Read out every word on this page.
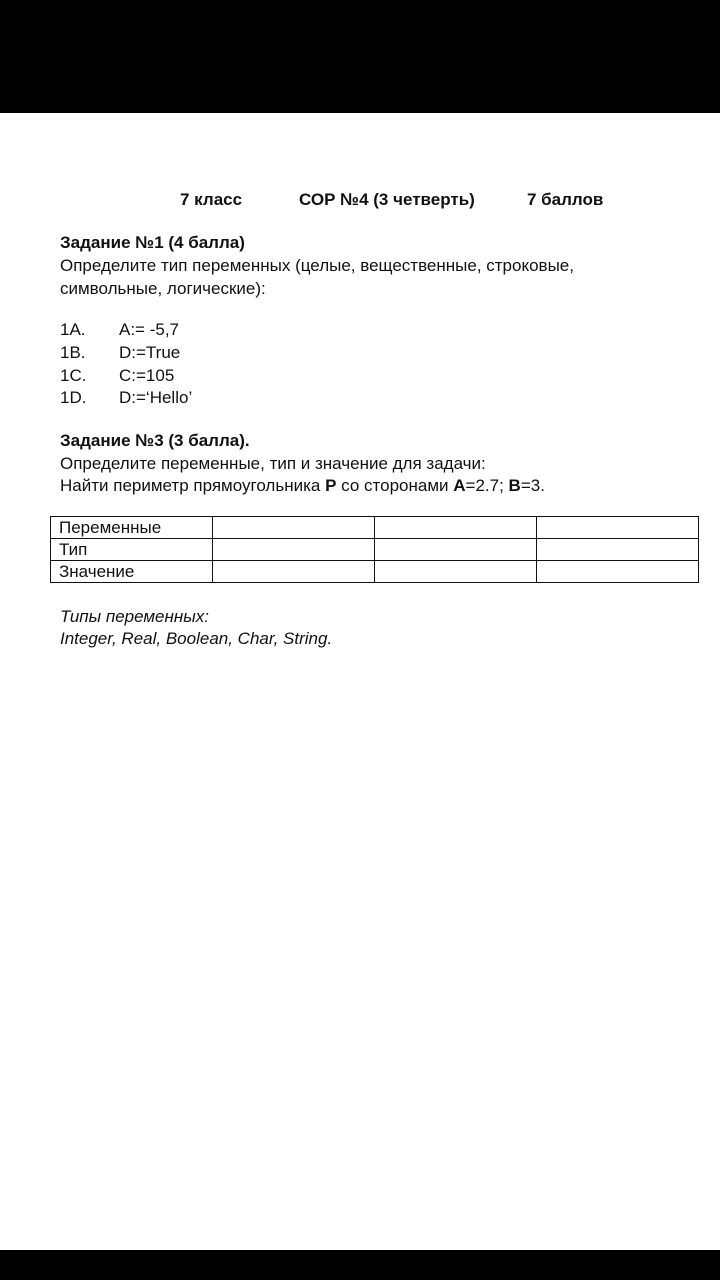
7 класс	СОР №4 (3 четверть)	7 баллов
Задание №1 (4 балла)
Определите тип переменных (целые, вещественные, строковые,
символьные, логические):
1A. A:= -5,7
1B. D:=True
1C. C:=105
1D. D:=‘Hello’
Задание №3 (3 балла).
Определите переменные, тип и значение для задачи:
Найти периметр прямоугольника P со сторонами A=2.7; B=3.
Переменные			
Тип			
Значение			
Типы переменных:
Integer, Real, Boolean, Char, String.
